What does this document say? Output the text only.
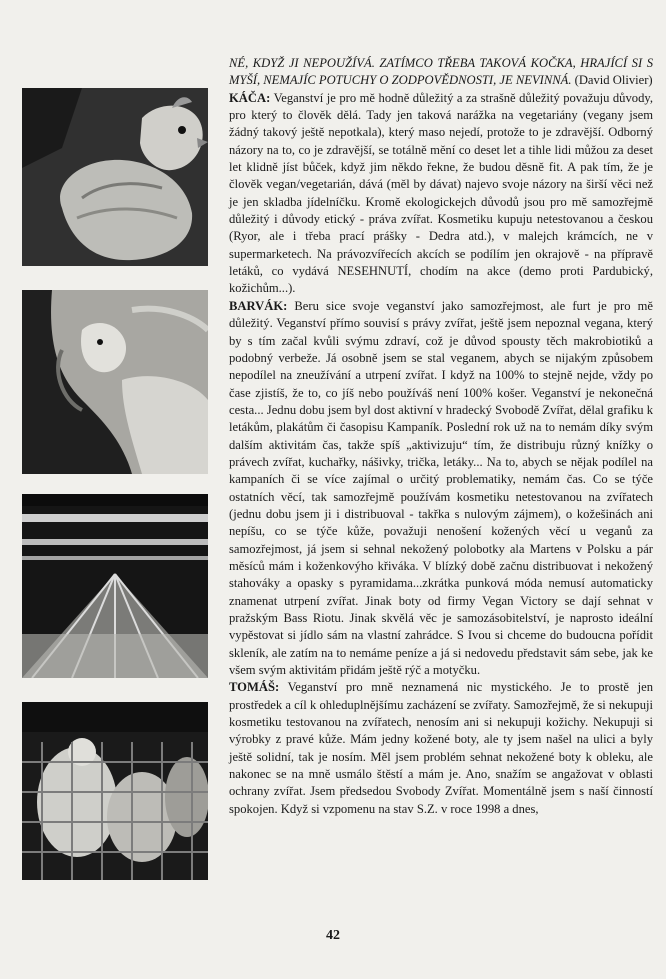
NÉ, KDYŽ JI NEPOUŽÍVÁ. ZATÍMCO TŘEBA TAKOVÁ KOČKA, HRAJÍCÍ SI S MYŠÍ, NEMAJÍC POTUCHY O ZODPOVĚDNOSTI, JE NEVINNÁ. (David Olivier)

KÁČA: Veganství je pro mě hodně důležitý a za strašně důležitý považuju důvody, pro který to člověk dělá. Tady jen taková narážka na vegetariány (vegany jsem žádný takový ještě nepotkala), který maso nejedí, protože to je zdravější. Odborný názory na to, co je zdravější, se totálně mění co deset let a tihle lidi můžou za deset let klidně jíst bůček, když jim někdo řekne, že budou děsně fit. A pak tím, že je člověk vegan/vegetarián, dává (měl by dávat) najevo svoje názory na širší věci než je jen skladba jídelníčku. Kromě ekologickejch důvodů jsou pro mě samozřejmě důležitý i důvody etický - práva zvířat. Kosmetiku kupuju netestovanou a českou (Ryor, ale i třeba prací prášky - Dedra atd.), v malejch krámcích, ne v supermarketech. Na právozvířecích akcích se podílím jen okrajově - na přípravě letáků, co vydává NESEHNUTÍ, chodím na akce (demo proti Pardubický, kožichům...).

BARVÁK: Beru sice svoje veganství jako samozřejmost, ale furt je pro mě důležitý. Veganství přímo souvisí s právy zvířat, ještě jsem nepoznal vegana, který by s tím začal kvůli svýmu zdraví, což je důvod spousty těch makrobiotiků a podobný verbeže. Já osobně jsem se stal veganem, abych se nijakým způsobem nepodílel na zneužívání a utrpení zvířat. I když na 100% to stejně nejde, vždy po čase zjistíš, že to, co jíš nebo používáš není 100% košer. Veganství je nekonečná cesta... Jednu dobu jsem byl dost aktivní v hradecký Svobodě Zvířat, dělal grafiku k letákům, plakátům či časopisu Kampaník. Poslední rok už na to nemám díky svým dalším aktivitám čas, takže spíš „aktivizuju“ tím, že distribuju různý knížky o právech zvířat, kuchařky, nášivky, trička, letáky... Na to, abych se nějak podílel na kampaních či se více zajímal o určitý problematiky, nemám čas. Co se týče ostatních věcí, tak samozřejmě používám kosmetiku netestovanou na zvířatech (jednu dobu jsem ji i distribuoval - takřka s nulovým zájmem), o kožešinách ani nepíšu, co se týče kůže, považuji nenošení kožených věcí u veganů za samozřejmost, já jsem si sehnal nekožený polobotky ala Martens v Polsku a pár měsíců mám i koženkovýho křiváka. V blízký době začnu distribuovat i nekožený stahováky a opasky s pyramidama...zkrátka punková móda nemusí automaticky znamenat utrpení zvířat. Jinak boty od firmy Vegan Victory se dají sehnat v pražským Bass Riotu. Jinak skvělá věc je samozásobitelství, je naprosto ideální vypěstovat si jídlo sám na vlastní zahrádce. S Ivou si chceme do budoucna pořídit skleník, ale zatím na to nemáme peníze a já si nedovedu představit sám sebe, jak ke všem svým aktivitám přidám ještě rýč a motyčku.

TOMÁŠ: Veganství pro mně neznamená nic mystického. Je to prostě jen prostředek a cíl k ohleduplnějšímu zacházení se zvířaty. Samozřejmě, že si nekupuji kosmetiku testovanou na zvířatech, nenosím ani si nekupuji kožichy. Nekupuji si výrobky z pravé kůže. Mám jedny kožené boty, ale ty jsem našel na ulici a byly ještě solidní, tak je nosím. Měl jsem problém sehnat nekožené boty k obleku, ale nakonec se na mně usmálo štěstí a mám je. Ano, snažím se angažovat v oblasti ochrany zvířat. Jsem předsedou Svobody Zvířat. Momentálně jsem s naší činností spokojen. Když si vzpomenu na stav S.Z. v roce 1998 a dnes,

42
